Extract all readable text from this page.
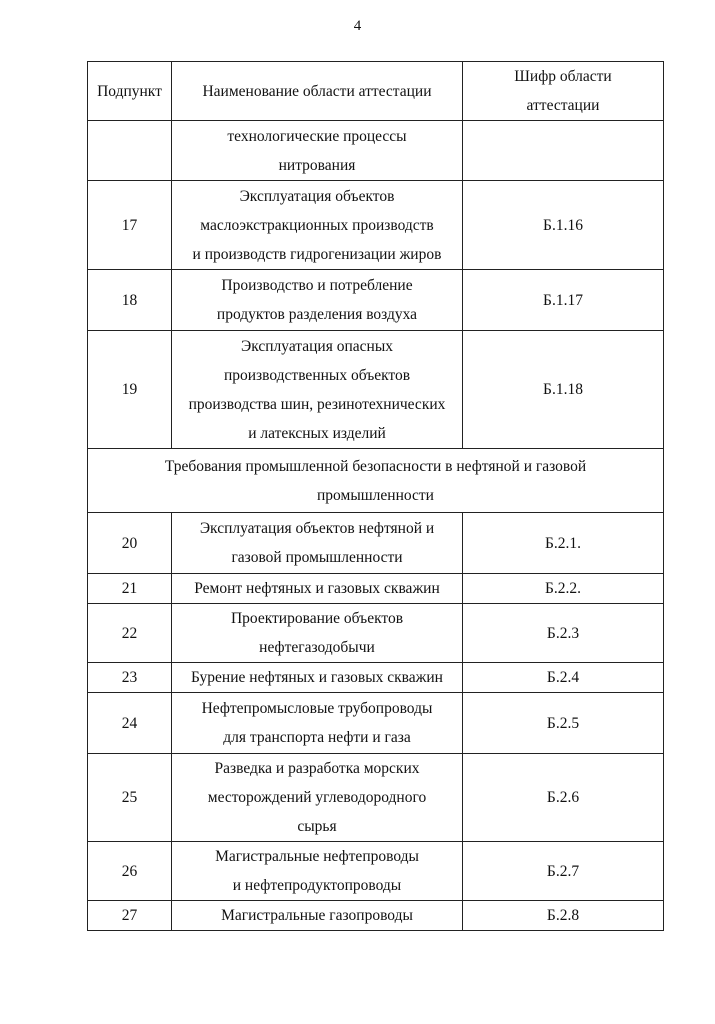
4
Подпункт	Наименование области аттестации	Шифр области
аттестации

	технологические процессы
нитрования	

17	Эксплуатация объектов
маслоэкстракционных производств
и производств гидрогенизации жиров	Б.1.16
18	Производство и потребление
продуктов разделения воздуха	Б.1.17
19	Эксплуатация опасных
производственных объектов
производства шин, резинотехнических
и латексных изделий	Б.1.18

Требования промышленной безопасности в нефтяной и газовой
промышленности		

20	Эксплуатация объектов нефтяной и
газовой промышленности	Б.2.1.
21	Ремонт нефтяных и газовых скважин	Б.2.2.
22	Проектирование объектов
нефтегазодобычи	Б.2.3
23	Бурение нефтяных и газовых скважин	Б.2.4
24	Нефтепромысловые трубопроводы
для транспорта нефти и газа	Б.2.5
25	Разведка и разработка морских
месторождений углеводородного
сырья	Б.2.6
26	Магистральные нефтепроводы
и нефтепродуктопроводы	Б.2.7
27	Магистральные газопроводы	Б.2.8
